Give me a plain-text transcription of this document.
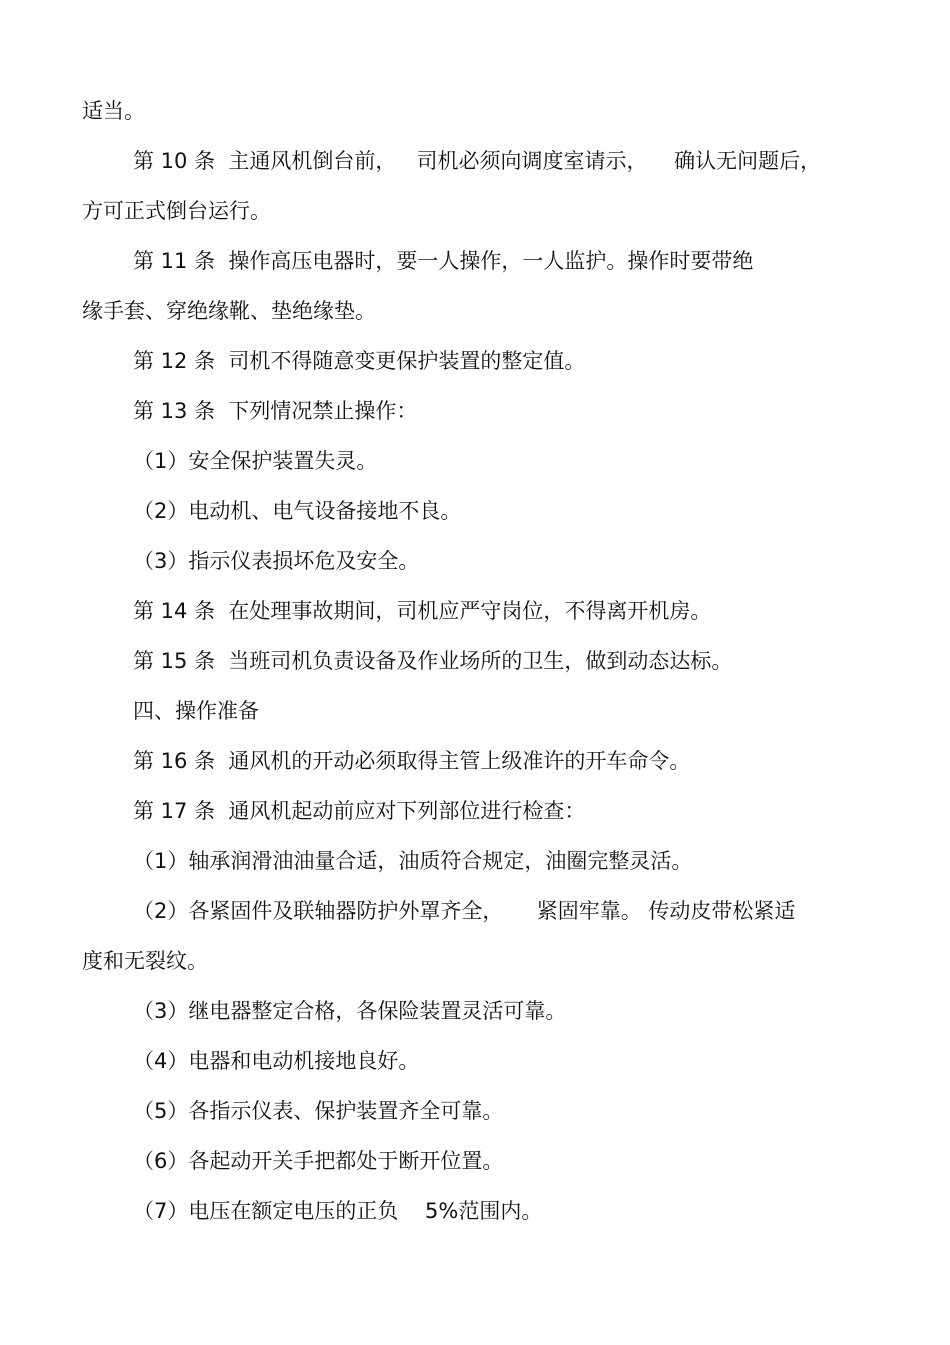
适当。
第 10 条  主通风机倒台前，   司机必须向调度室请示，    确认无问题后，
方可正式倒台运行。
第 11 条  操作高压电器时，要一人操作，一人监护。操作时要带绝
缘手套、穿绝缘靴、垫绝缘垫。
第 12 条  司机不得随意变更保护装置的整定值。
第 13 条  下列情况禁止操作：
（1）安全保护装置失灵。
（2）电动机、电气设备接地不良。
（3）指示仪表损坏危及安全。
第 14 条  在处理事故期间，司机应严守岗位，不得离开机房。
第 15 条  当班司机负责设备及作业场所的卫生，做到动态达标。
四、操作准备
第 16 条  通风机的开动必须取得主管上级准许的开车命令。
第 17 条  通风机起动前应对下列部位进行检查：
（1）轴承润滑油油量合适，油质符合规定，油圈完整灵活。
（2）各紧固件及联轴器防护外罩齐全，     紧固牢靠。 传动皮带松紧适
度和无裂纹。
（3）继电器整定合格，各保险装置灵活可靠。
（4）电器和电动机接地良好。
（5）各指示仪表、保护装置齐全可靠。
（6）各起动开关手把都处于断开位置。
（7）电压在额定电压的正负    5%范围内。
